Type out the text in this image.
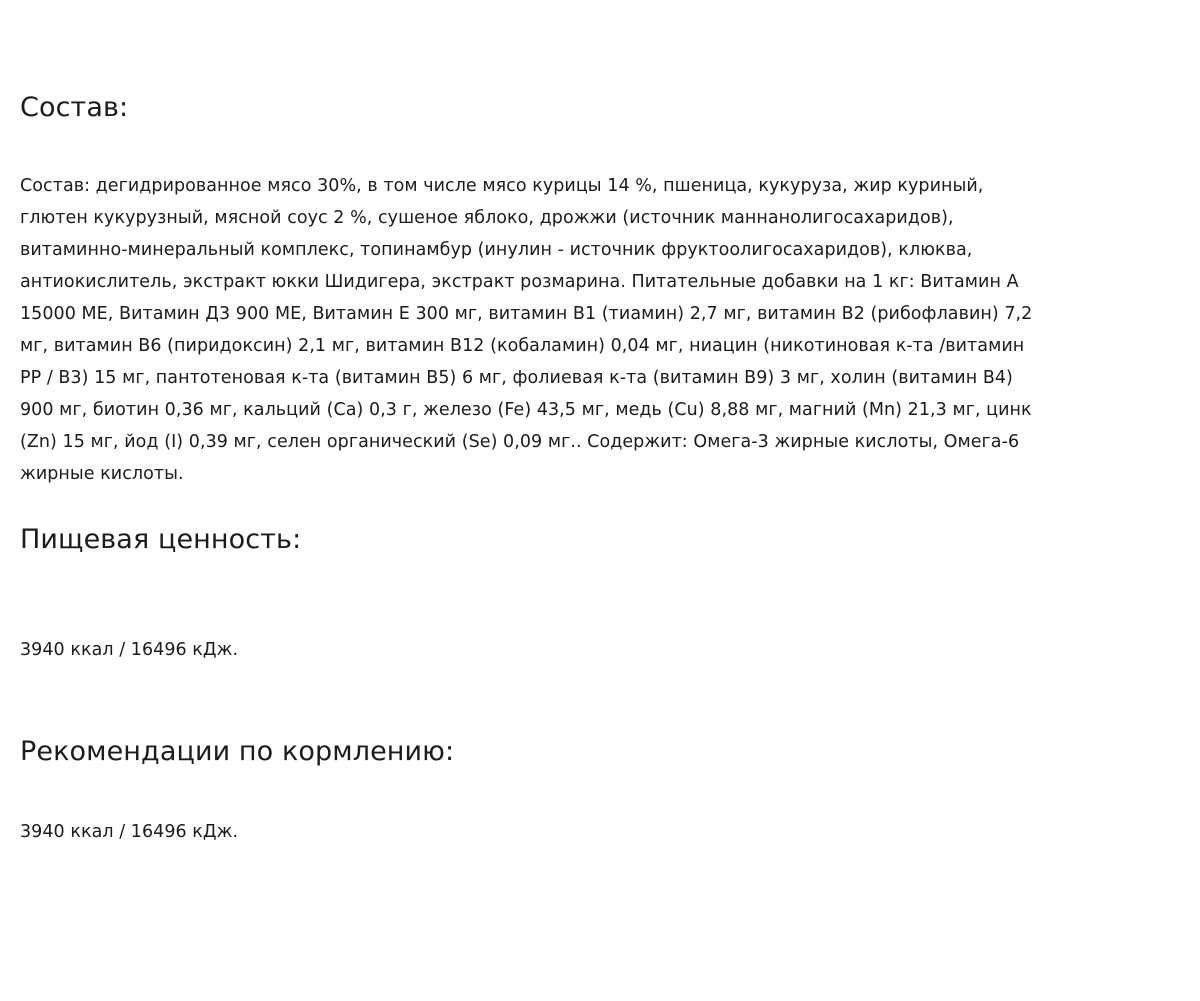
Состав:
Состав: дегидрированное мясо 30%, в том числе мясо курицы 14 %, пшеница, кукуруза, жир куриный,
глютен кукурузный, мясной соус 2 %, сушеное яблоко, дрожжи (источник маннанолигосахаридов),
витаминно-минеральный комплекс, топинамбур (инулин - источник фруктоолигосахаридов), клюква,
антиокислитель, экстракт юкки Шидигера, экстракт розмарина. Питательные добавки на 1 кг: Витамин А
15000 МЕ, Витамин Д3 900 МЕ, Витамин Е 300 мг, витамин В1 (тиамин) 2,7 мг, витамин В2 (рибофлавин) 7,2
мг, витамин В6 (пиридоксин) 2,1 мг, витамин В12 (кобаламин) 0,04 мг, ниацин (никотиновая к-та /витамин
РР / В3) 15 мг, пантотеновая к-та (витамин В5) 6 мг, фолиевая к-та (витамин В9) 3 мг, холин (витамин В4)
900 мг, биотин 0,36 мг, кальций (Са) 0,3 г, железо (Fe) 43,5 мг, медь (Cu) 8,88 мг, магний (Mn) 21,3 мг, цинк
(Zn) 15 мг, йод (I) 0,39 мг, селен органический (Se) 0,09 мг.. Содержит: Омега-3 жирные кислоты, Омега-6
жирные кислоты.
Пищевая ценность:

3940 ккал / 16496 кДж.

Рекомендации по кормлению:

3940 ккал / 16496 кДж.
